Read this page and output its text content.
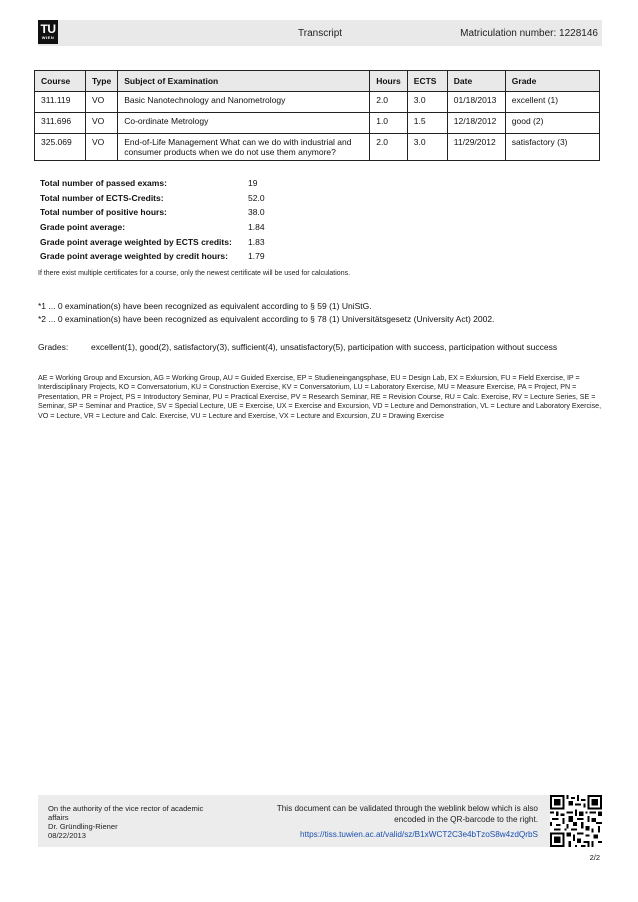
TU
WIEN	Transcript	Matriculation number: 1228146
Course	Type	Subject of Examination	Hours	ECTS	Date	Grade
311.119	VO	Basic Nanotechnology and Nanometrology	2.0	3.0	01/18/2013	excellent (1)
311.696	VO	Co-ordinate Metrology	1.0	1.5	12/18/2012	good (2)
325.069	VO	End-of-Life Management What can we do with industrial and consumer products when we do not use them anymore?	2.0	3.0	11/29/2012	satisfactory (3)
Total number of passed exams:	19
Total number of ECTS-Credits:	52.0
Total number of positive hours:	38.0
Grade point average:	1.84
Grade point average weighted by ECTS credits:	1.83
Grade point average weighted by credit hours:	1.79
If there exist multiple certificates for a course, only the newest certificate will be used for calculations.
*1 ... 0 examination(s) have been recognized as equivalent according to § 59 (1) UniStG.
*2 ... 0 examination(s) have been recognized as equivalent according to § 78 (1) Universitätsgesetz (University Act) 2002.
Grades:	excellent(1), good(2), satisfactory(3), sufficient(4), unsatisfactory(5), participation with success, participation without success
AE = Working Group and Excursion, AG = Working Group, AU = Guided Exercise, EP = Studieneingangsphase, EU = Design Lab, EX = Exkursion, FU = Field Exercise, IP = Interdisciplinary Projects, KO = Conversatorium, KU = Construction Exercise, KV = Conversatorium, LU = Laboratory Exercise, MU = Measure Exercise, PA = Project, PN = Presentation, PR = Project, PS = Introductory Seminar, PU = Practical Exercise, PV = Research Seminar, RE = Revision Course, RU = Calc. Exercise, RV = Lecture Series, SE = Seminar, SP = Seminar and Practice, SV = Special Lecture, UE = Exercise, UX = Exercise and Excursion, VD = Lecture and Demonstration, VL = Lecture and Laboratory Exercise, VO = Lecture, VR = Lecture and Calc. Exercise, VU = Lecture and Exercise, VX = Lecture and Excursion, ZU = Drawing Exercise
On the authority of the vice rector of academic affairs
Dr. Gründling-Riener
08/22/2013
This document can be validated through the weblink below which is also encoded in the QR-barcode to the right.
https://tiss.tuwien.ac.at/valid/sz/B1xWCT2C3e4bTzoS8w4zdQrbS
2/2
